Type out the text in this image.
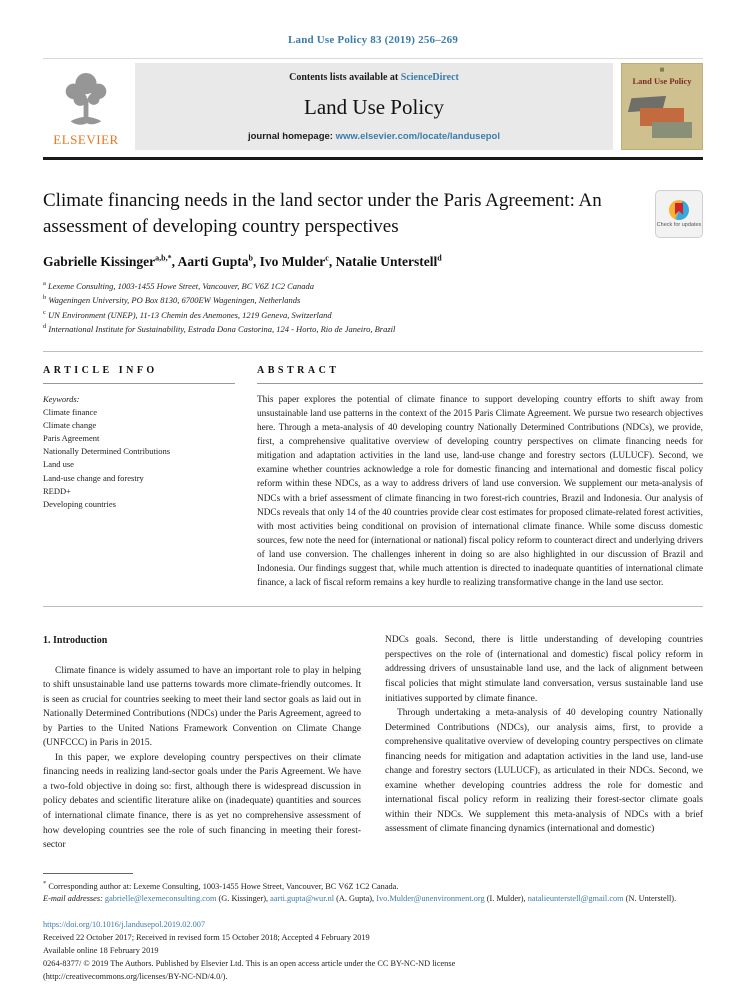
Land Use Policy 83 (2019) 256–269
ELSEVIER
Contents lists available at ScienceDirect
Land Use Policy
journal homepage: www.elsevier.com/locate/landusepol
▦
Land Use Policy
Climate financing needs in the land sector under the Paris Agreement: An assessment of developing country perspectives	Check for updates
Gabrielle Kissinger$^{a,b,*}$ , Aarti Gupta$^b$ , Ivo Mulder$^c$ , Natalie Unterstell$^d$
$^a$ Lexeme Consulting, 1003-1455 Howe Street, Vancouver, BC V6Z 1C2 Canada
$^b$ Wageningen University, PO Box 8130, 6700EW Wageningen, Netherlands
$^c$ UN Environment (UNEP), 11-13 Chemin des Anemones, 1219 Geneva, Switzerland
$^d$ International Institute for Sustainability, Estrada Dona Castorina, 124 - Horto, Rio de Janeiro, Brazil
ARTICLE INFO
Keywords:
Climate finance
Climate change
Paris Agreement
Nationally Determined Contributions
Land use
Land-use change and forestry
REDD+
Developing countries
ABSTRACT
This paper explores the potential of climate finance to support developing country efforts to shift away from unsustainable land use patterns in the context of the 2015 Paris Climate Agreement. We pursue two research objectives here. Through a meta-analysis of 40 developing country Nationally Determined Contributions (NDCs), we provide, first, a comprehensive qualitative overview of developing country perspectives on climate financing needs for mitigation and adaptation activities in the land use, land-use change and forestry sectors (LULUCF). Second, we examine whether countries acknowledge a role for domestic financing and international and domestic fiscal policy reform within these NDCs, as a way to address drivers of land use conversion. We supplement our meta-analysis of NDCs with a brief assessment of climate financing in two forest-rich countries, Brazil and Indonesia. Our analysis of NDCs reveals that only 14 of the 40 countries provide clear cost estimates for proposed climate-related forest activities, with most activities being conditional on provision of international climate finance. While some discuss domestic sources, few note the need for (international or national) fiscal policy reform to counteract direct and underlying drivers of land use conversion. The challenges inherent in doing so are also highlighted in our discussion of Brazil and Indonesia. Our findings suggest that, while much attention is directed to inadequate quantities of international climate finance, a lack of fiscal reform remains a key hurdle to realizing transformative change in the land use sector.
1. Introduction

Climate finance is widely assumed to have an important role to play in helping to shift unsustainable land use patterns towards more climate-friendly outcomes. It is seen as crucial for countries seeking to meet their land sector goals as laid out in Nationally Determined Contributions (NDCs) under the Paris Agreement, agreed to by Parties to the United Nations Framework Convention on Climate Change (UNFCCC) in Paris in 2015.

In this paper, we explore developing country perspectives on their climate financing needs in realizing land-sector goals under the Paris Agreement. We have a two-fold objective in doing so: first, although there is widespread discussion in policy debates and scientific literature alike on (inadequate) quantities and sources of international climate finance, there is as yet no comprehensive assessment of how developing countries see the role of such financing in meeting their forest-sector

NDCs goals. Second, there is little understanding of developing countries perspectives on the role of (international and domestic) fiscal policy reform in addressing drivers of unsustainable land use, and the lack of alignment between fiscal policies that might stimulate land conversation, versus sustainable land use initiatives supported by climate finance.

Through undertaking a meta-analysis of 40 developing country Nationally Determined Contributions (NDCs), our analysis aims, first, to provide a comprehensive qualitative overview of developing country perspectives on climate financing needs for mitigation and adaptation activities in the land use, land-use change and forestry sectors (LULUCF), as articulated in their NDCs. Second, we examine whether developing countries address the role for domestic and international fiscal policy reform in realizing their forest-sector climate goals within their NDCs. We supplement this meta-analysis of NDCs with a brief assessment of climate financing dynamics (international and domestic)

* Corresponding author at: Lexeme Consulting, 1003-1455 Howe Street, Vancouver, BC V6Z 1C2 Canada.
E-mail addresses: gabrielle@lexemeconsulting.com (G. Kissinger), aarti.gupta@wur.nl (A. Gupta), Ivo.Mulder@unenvironment.org (I. Mulder), natalieunterstell@gmail.com (N. Unterstell).
https://doi.org/10.1016/j.landusepol.2019.02.007
Received 22 October 2017; Received in revised form 15 October 2018; Accepted 4 February 2019
Available online 18 February 2019
0264-8377/ © 2019 The Authors. Published by Elsevier Ltd. This is an open access article under the CC BY-NC-ND license
(http://creativecommons.org/licenses/BY-NC-ND/4.0/).
